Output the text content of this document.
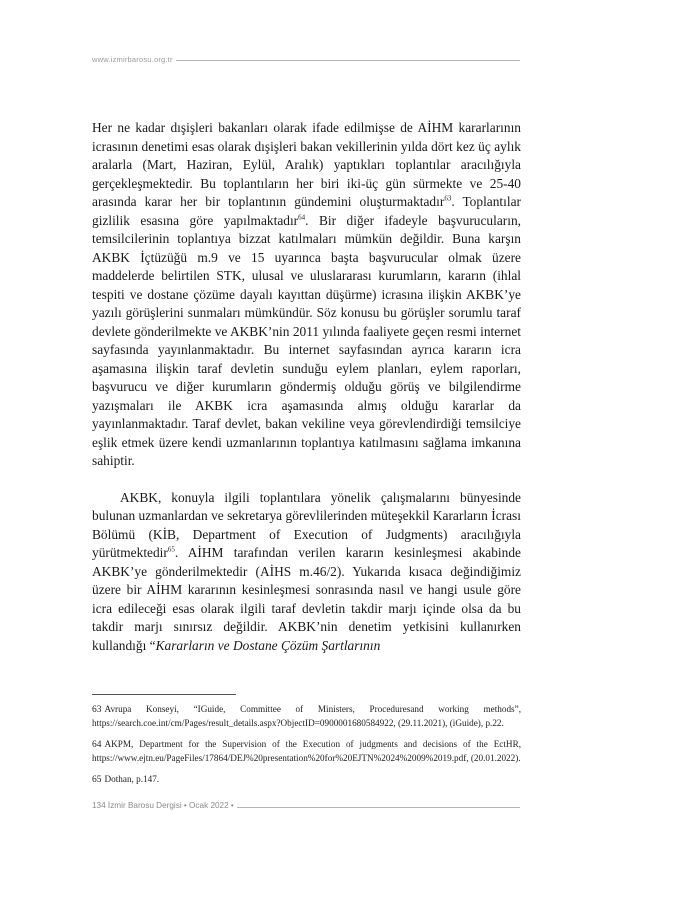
www.izmirbarosu.org.tr

Her ne kadar dışişleri bakanları olarak ifade edilmişse de AİHM kararlarının icrasının denetimi esas olarak dışişleri bakan vekillerinin yılda dört kez üç aylık aralarla (Mart, Haziran, Eylül, Aralık) yaptıkları toplantılar aracılığıyla gerçekleşmektedir. Bu toplantıların her biri iki-üç gün sürmekte ve 25-40 arasında karar her bir toplantının gündemini oluşturmaktadır$^{63}$. Toplantılar gizlilik esasına göre yapılmaktadır$^{64}$. Bir diğer ifadeyle başvurucuların, temsilcilerinin toplantıya bizzat katılmaları mümkün değildir. Buna karşın AKBK İçtüzüğü m.9 ve 15 uyarınca başta başvurucular olmak üzere maddelerde belirtilen STK, ulusal ve uluslararası kurumların, kararın (ihlal tespiti ve dostane çözüme dayalı kayıttan düşürme) icrasına ilişkin AKBK’ye yazılı görüşlerini sunmaları mümkündür. Söz konusu bu görüşler sorumlu taraf devlete gönderilmekte ve AKBK’nin 2011 yılında faaliyete geçen resmi internet sayfasında yayınlanmaktadır. Bu internet sayfasından ayrıca kararın icra aşamasına ilişkin taraf devletin sunduğu eylem planları, eylem raporları, başvurucu ve diğer kurumların göndermiş olduğu görüş ve bilgilendirme yazışmaları ile AKBK icra aşamasında almış olduğu kararlar da yayınlanmaktadır. Taraf devlet, bakan vekiline veya görevlendirdiği temsilciye eşlik etmek üzere kendi uzmanlarının toplantıya katılmasını sağlama imkanına sahiptir.

AKBK, konuyla ilgili toplantılara yönelik çalışmalarını bünyesinde bulunan uzmanlardan ve sekretarya görevlilerinden müteşekkil Kararların İcrası Bölümü (KİB, Department of Execution of Judgments) aracılığıyla yürütmektedir$^{65}$. AİHM tarafından verilen kararın kesinleşmesi akabinde AKBK’ye gönderilmektedir (AİHS m.46/2). Yukarıda kısaca değindiğimiz üzere bir AİHM kararının kesinleşmesi sonrasında nasıl ve hangi usule göre icra edileceği esas olarak ilgili taraf devletin takdir marjı içinde olsa da bu takdir marjı sınırsız değildir. AKBK’nin denetim yetkisini kullanırken kullandığı “Kararların ve Dostane Çözüm Şartlarının

63 Avrupa Konseyi, “IGuide, Committee of Ministers, Proceduresand working methods”, https://search.coe.int/cm/Pages/result_details.aspx?ObjectID=0900001680584922, (29.11.2021), (iGuide), p.22.

64 AKPM, Department for the Supervision of the Execution of judgments and decisions of the EctHR, https://www.ejtn.eu/PageFiles/17864/DEJ%20presentation%20for%20EJTN%2024%2009%2019.pdf, (20.01.2022).

65 Dothan, p.147.

134 İzmir Barosu Dergisi • Ocak 2022 •
